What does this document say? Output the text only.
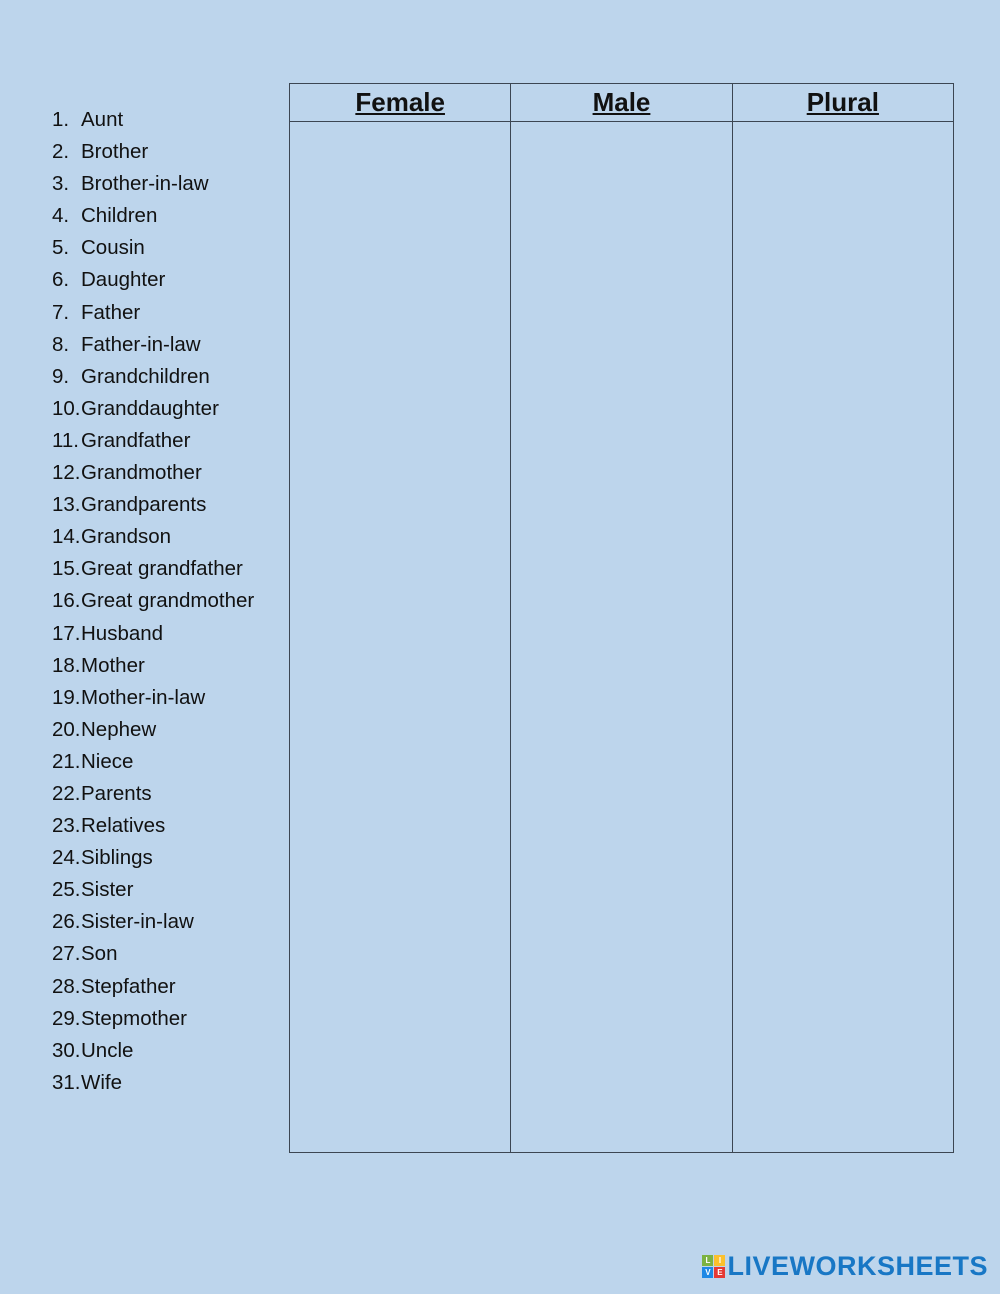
1. Aunt
2. Brother
3. Brother-in-law
4. Children
5. Cousin
6. Daughter
7. Father
8. Father-in-law
9. Grandchildren
10.Granddaughter
11.Grandfather
12.Grandmother
13.Grandparents
14.Grandson
15.Great grandfather
16.Great grandmother
17.Husband
18.Mother
19.Mother-in-law
20.Nephew
21.Niece
22.Parents
23.Relatives
24.Siblings
25.Sister
26.Sister-in-law
27.Son
28.Stepfather
29.Stepmother
30.Uncle
31.Wife
Female	Male	Plural

L	I
V E LIVEWORKSHEETS
